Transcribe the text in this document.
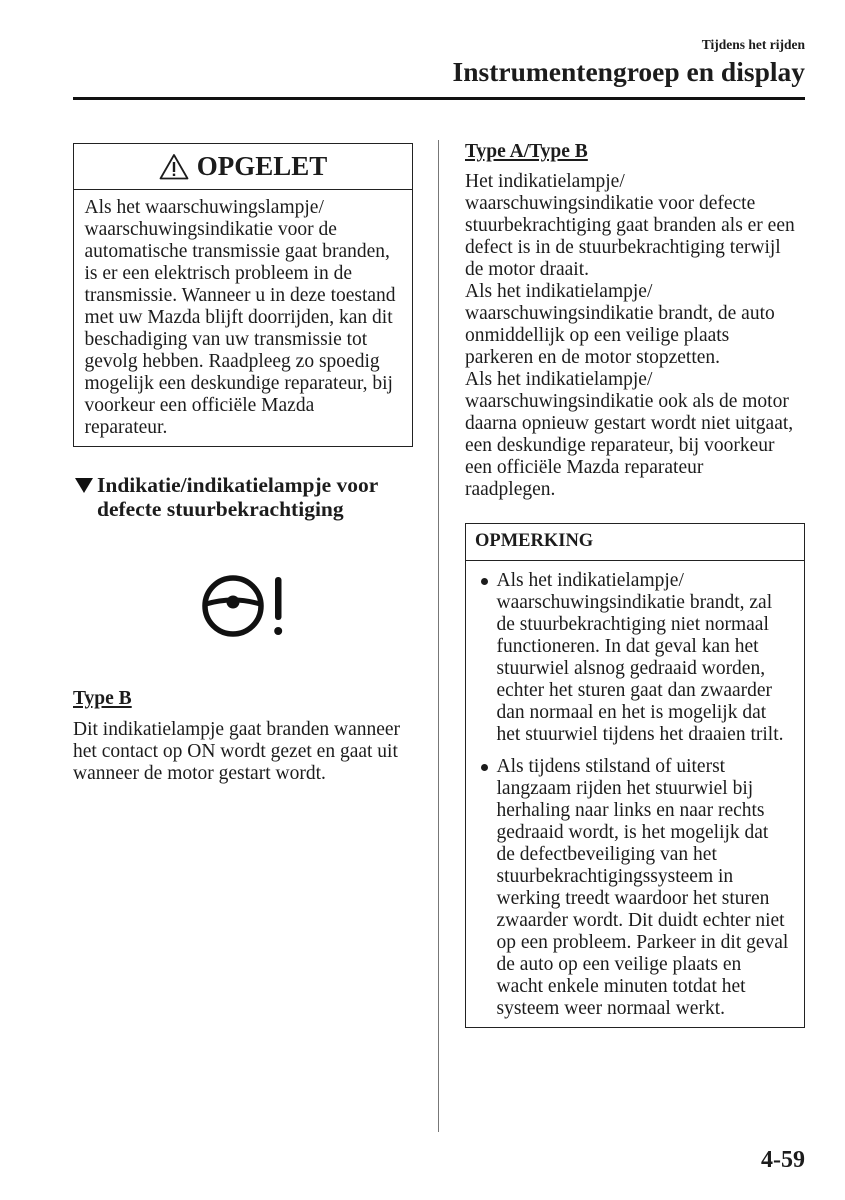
Tijdens het rijden
Instrumentengroep en display
OPGELET
Als het waarschuwingslampje/
waarschuwingsindikatie voor de
automatische transmissie gaat branden,
is er een elektrisch probleem in de
transmissie. Wanneer u in deze toestand
met uw Mazda blijft doorrijden, kan dit
beschadiging van uw transmissie tot
gevolg hebben. Raadpleeg zo spoedig
mogelijk een deskundige reparateur, bij
voorkeur een officiële Mazda
reparateur.
Indikatie/indikatielampje voor
defecte stuurbekrachtiging
Type B
Dit indikatielampje gaat branden wanneer
het contact op ON wordt gezet en gaat uit
wanneer de motor gestart wordt.
Type A/Type B
Het indikatielampje/
waarschuwingsindikatie voor defecte
stuurbekrachtiging gaat branden als er een
defect is in de stuurbekrachtiging terwijl
de motor draait.
Als het indikatielampje/
waarschuwingsindikatie brandt, de auto
onmiddellijk op een veilige plaats
parkeren en de motor stopzetten.
Als het indikatielampje/
waarschuwingsindikatie ook als de motor
daarna opnieuw gestart wordt niet uitgaat,
een deskundige reparateur, bij voorkeur
een officiële Mazda reparateur
raadplegen.
OPMERKING
Als het indikatielampje/
waarschuwingsindikatie brandt, zal
de stuurbekrachtiging niet normaal
functioneren. In dat geval kan het
stuurwiel alsnog gedraaid worden,
echter het sturen gaat dan zwaarder
dan normaal en het is mogelijk dat
het stuurwiel tijdens het draaien trilt.
Als tijdens stilstand of uiterst
langzaam rijden het stuurwiel bij
herhaling naar links en naar rechts
gedraaid wordt, is het mogelijk dat
de defectbeveiliging van het
stuurbekrachtigingssysteem in
werking treedt waardoor het sturen
zwaarder wordt. Dit duidt echter niet
op een probleem. Parkeer in dit geval
de auto op een veilige plaats en
wacht enkele minuten totdat het
systeem weer normaal werkt.
4-59
